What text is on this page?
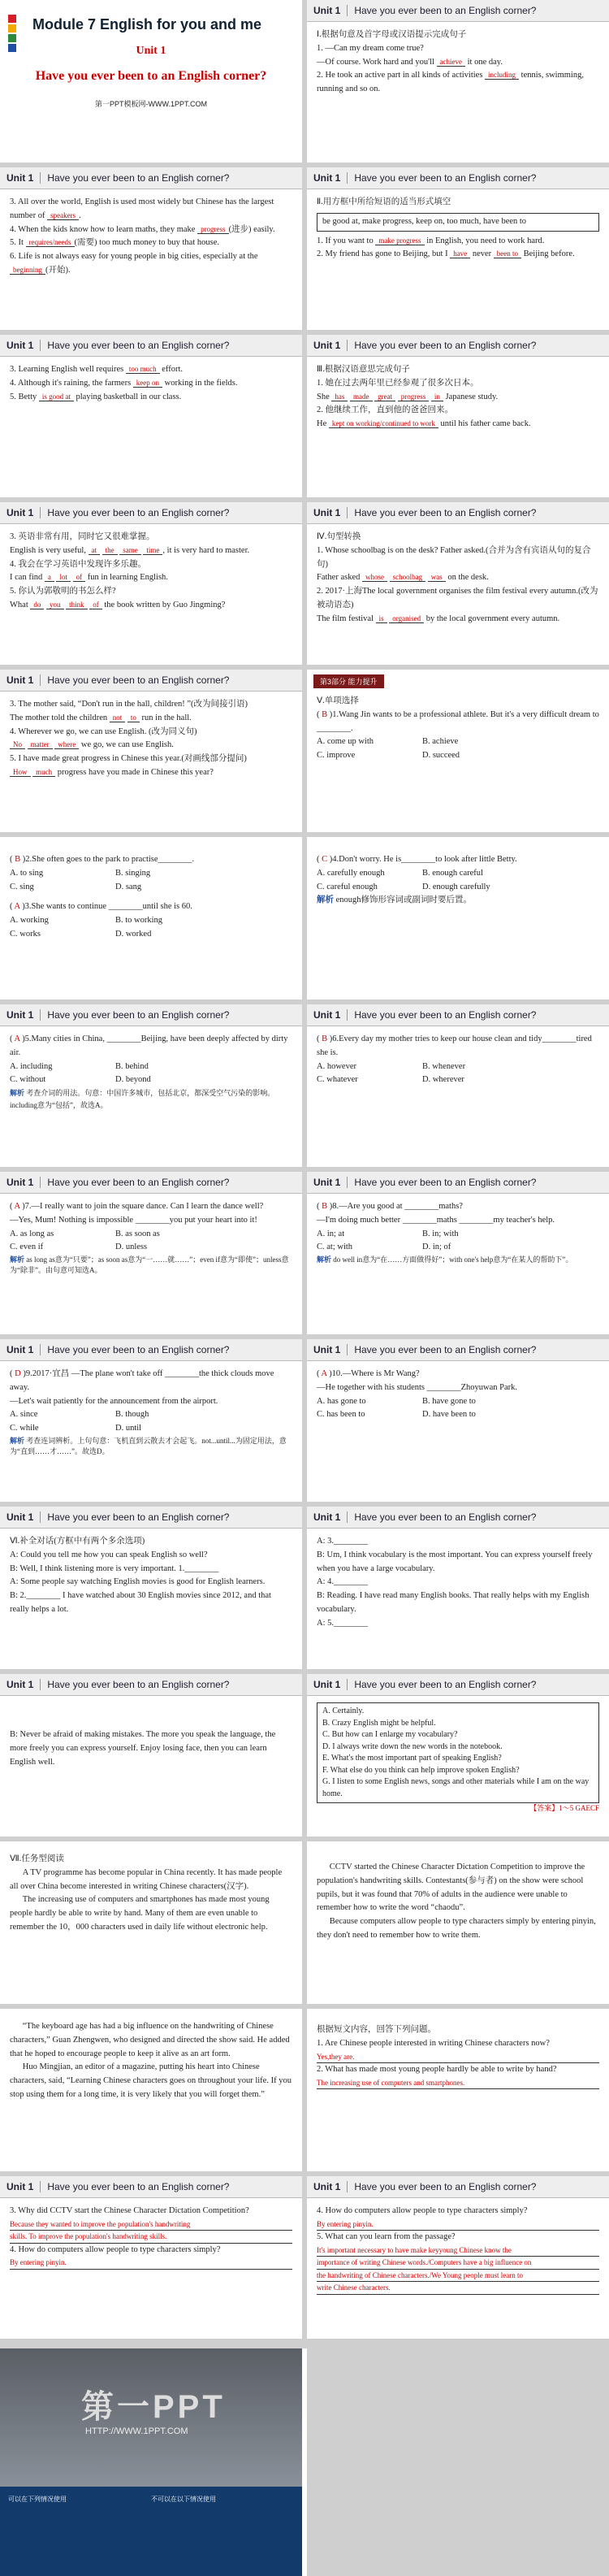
Module 7 English for you and me
Unit 1
Have you ever been to an English corner?
第一PPT模板网-WWW.1PPT.COM
Unit 1	Have you ever been to an English corner?

Ⅰ.根据句意及首字母或汉语提示完成句子

1. —Can my dream come true?

—Of course. Work hard and you'll achieve it one day.

2. He took an active part in all kinds of activities including tennis, swimming, running and so on.

Unit 1	Have you ever been to an English corner?

3. All over the world, English is used most widely but Chinese has the largest number of speakers .

4. When the kids know how to learn maths, they make progress (进步) easily.

5. It requires/needs (需要) too much money to buy that house.

6. Life is not always easy for young people in big cities, especially at the beginning (开始).

Unit 1	Have you ever been to an English corner?

Ⅱ.用方框中所给短语的适当形式填空

be good at, make progress, keep on, too much, have been to

1. If you want to make progress in English, you need to work hard.

2. My friend has gone to Beijing, but I have never been to Beijing before.

Unit 1	Have you ever been to an English corner?

3. Learning English well requires too much effort.

4. Although it's raining, the farmers keep on working in the fields.

5. Betty is good at playing basketball in our class.

Unit 1	Have you ever been to an English corner?

Ⅲ.根据汉语意思完成句子

1. 她在过去两年里已经参观了很多次日本。

She has made great progress in Japanese study.

2. 他继续工作，直到他的爸爸回来。

He kept on working/continued to work until his father came back.

Unit 1	Have you ever been to an English corner?

3. 英语非常有用，同时它又很难掌握。

English is very useful, at the same time , it is very hard to master.

4. 我会在学习英语中发现许多乐趣。

I can find a lot of fun in learning English.

5. 你认为郭敬明的书怎么样?

What do you think of the book written by Guo Jingming?

Unit 1	Have you ever been to an English corner?

Ⅳ.句型转换

1. Whose schoolbag is on the desk? Father asked.(合并为含有宾语从句的复合句)

Father asked whose schoolbag was on the desk.

2. 2017·上海The local government organises the film festival every autumn.(改为被动语态)

The film festival is organised by the local government every autumn.

Unit 1	Have you ever been to an English corner?

3. The mother said, “Don't run in the hall, children! ”(改为间接引语)

The mother told the children not to run in the hall.

4. Wherever we go, we can use English. (改为同义句)

No matter where we go, we can use English.

5. I have made great progress in Chinese this year.(对画线部分提问)

How much progress have you made in Chinese this year?

第3部分 能力提升

Ⅴ.单项选择

( B )1.Wang Jin wants to be a professional athlete. But it's a very difficult dream to ________.

A. come up with	B. achieve

C. improve	D. succeed

( B )2.She often goes to the park to practise________.

A. to sing	B. singing

C. sing	D. sang

( A )3.She wants to continue ________until she is 60.

A. working	B. to working

C. works	D. worked

( C )4.Don't worry. He is________to look after little Betty.

A. carefully enough	B. enough careful

C. careful enough	D. enough carefully

解析 enough修饰形容词或副词时要后置。

Unit 1	Have you ever been to an English corner?

( A )5.Many cities in China, ________Beijing, have been deeply affected by dirty air.

A. including	B. behind

C. without	D. beyond

解析 考查介词的用法。句意：中国许多城市，包括北京，都深受空气污染的影响。including意为“包括”，故选A。

Unit 1	Have you ever been to an English corner?

( B )6.Every day my mother tries to keep our house clean and tidy________tired she is.

A. however	B. whenever

C. whatever	D. wherever

Unit 1	Have you ever been to an English corner?

( A )7.—I really want to join the square dance. Can I learn the dance well?

—Yes, Mum! Nothing is impossible ________you put your heart into it!

A. as long as	B. as soon as

C. even if	D. unless

解析 as long as意为“只要”；as soon as意为“一……就……”；even if意为“即使”；unless意为“除非”。由句意可知选A。

Unit 1	Have you ever been to an English corner?

( B )8.—Are you good at ________maths?

—I'm doing much better ________maths ________my teacher's help.

A. in; at	B. in; with

C. at; with	D. in; of

解析 do well in意为“在……方面做得好”；with one's help意为“在某人的帮助下”。

Unit 1	Have you ever been to an English corner?

( D )9.2017·宜昌 —The plane won't take off ________the thick clouds move away.

—Let's wait patiently for the announcement from the airport.

A. since	B. though

C. while	D. until

解析 考查连词辨析。上句句意：飞机直到云散去才会起飞。not...until...为固定用法，意为“直到……才……”。故选D。

Unit 1	Have you ever been to an English corner?

( A )10.—Where is Mr Wang?

—He together with his students ________Zhoyuwan Park.

A. has gone to	B. have gone to

C. has been to	D. have been to

Unit 1	Have you ever been to an English corner?

Ⅵ.补全对话(方框中有两个多余选项)

A: Could you tell me how you can speak English so well?

B: Well, I think listening more is very important. 1.________

A: Some people say watching English movies is good for English learners.

B: 2.________ I have watched about 30 English movies since 2012, and that really helps a lot.

Unit 1	Have you ever been to an English corner?

A: 3.________

B: Um, I think vocabulary is the most important. You can express yourself freely when you have a large vocabulary.

A: 4.________

B: Reading. I have read many English books. That really helps with my English vocabulary.

A: 5.________

Unit 1	Have you ever been to an English corner?

B: Never be afraid of making mistakes. The more you speak the language, the more freely you can express yourself. Enjoy losing face, then you can learn English well.

Unit 1	Have you ever been to an English corner?

A. Certainly.

B. Crazy English might be helpful.

C. But how can I enlarge my vocabulary?

D. I always write down the new words in the notebook.

E. What's the most important part of speaking English?

F. What else do you think can help improve spoken English?

G. I listen to some English news, songs and other materials while I am on the way home.

【答案】1～5 GAECF

Ⅶ.任务型阅读

A TV programme has become popular in China recently. It has made people all over China become interested in writing Chinese characters(汉字).

The increasing use of computers and smartphones has made most young people hardly be able to write by hand. Many of them are even unable to remember the 10，000 characters used in daily life without electronic help.

CCTV started the Chinese Character Dictation Competition to improve the population's handwriting skills. Contestants(参与者) on the show were school pupils, but it was found that 70% of adults in the audience were unable to remember how to write the word “chaodu”.

Because computers allow people to type characters simply by entering pinyin, they don't need to remember how to write them.

“The keyboard age has had a big influence on the handwriting of Chinese characters,” Guan Zhengwen, who designed and directed the show said. He added that he hoped to encourage people to keep it alive as an art form.

Huo Mingjian, an editor of a magazine, putting his heart into Chinese characters, said, “Learning Chinese characters goes on throughout your life. If you stop using them for a long time, it is very likely that you will forget them.”

根据短文内容，回答下列问题。

1. Are Chinese people interested in writing Chinese characters now?

Yes,they are.

2. What has made most young people hardly be able to write by hand?

The increasing use of computers and smartphones.

Unit 1	Have you ever been to an English corner?

3. Why did CCTV start the Chinese Character Dictation Competition?

Because they wanted to improve the population's handwriting

skills. To improve the population's handwriting skills.

4. How do computers allow people to type characters simply?

By entering pinyin.

Unit 1	Have you ever been to an English corner?

4. How do computers allow people to type characters simply?

By entering pinyin.

5. What can you learn from the passage?

It's important necessary to have make keyyoung Chinese know the

importance of writing Chinese words./Computers have a big influence on

the handwriting of Chinese characters./We Young people must learn to

write Chinese characters.

第一PPT
HTTP://WWW.1PPT.COM
可以在下列情况使用	不可以在以下情况使用
